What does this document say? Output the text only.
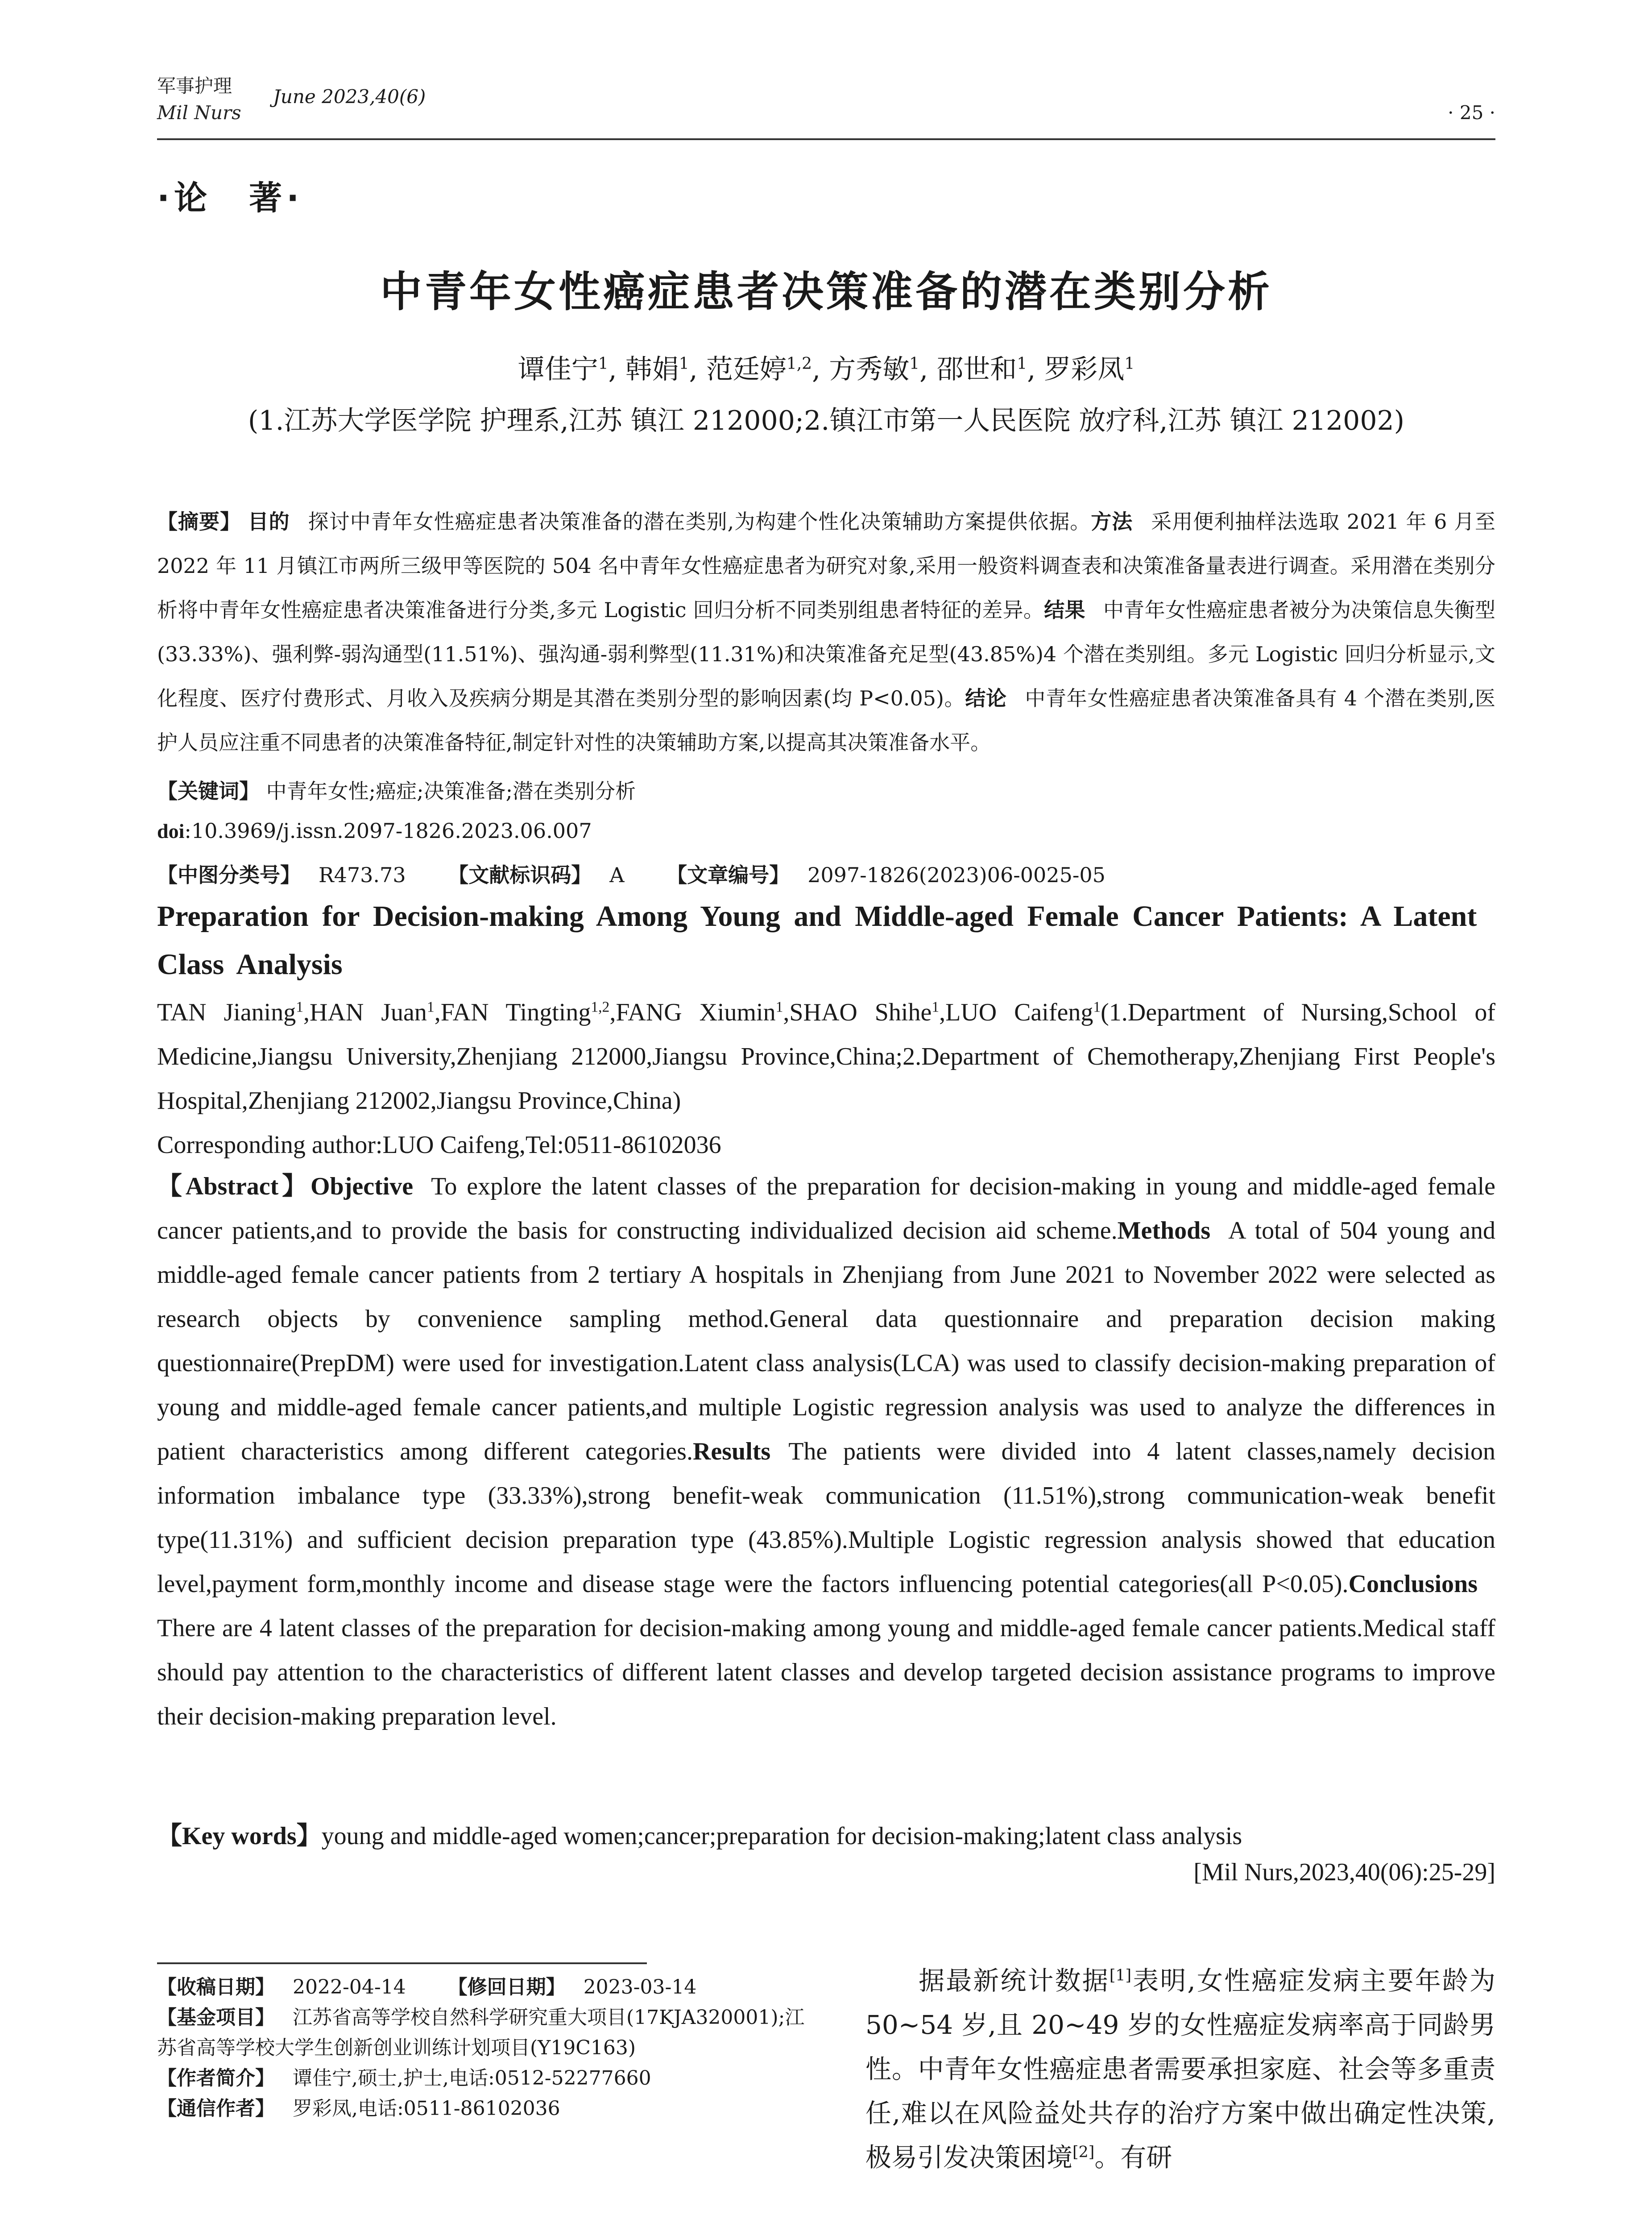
军事护理
Mil Nurs
June 2023,40(6)
· 25 ·
·论　著·
中青年女性癌症患者决策准备的潜在类别分析
谭佳宁$^1$, 韩娟$^1$, 范廷婷$^{1,2}$, 方秀敏$^1$, 邵世和$^1$, 罗彩凤$^1$
(1.江苏大学医学院 护理系,江苏 镇江 212000;2.镇江市第一人民医院 放疗科,江苏 镇江 212002)
【摘要】 目的 探讨中青年女性癌症患者决策准备的潜在类别,为构建个性化决策辅助方案提供依据。方法 采用便利抽样法选取 2021 年 6 月至 2022 年 11 月镇江市两所三级甲等医院的 504 名中青年女性癌症患者为研究对象,采用一般资料调查表和决策准备量表进行调查。采用潜在类别分析将中青年女性癌症患者决策准备进行分类,多元 Logistic 回归分析不同类别组患者特征的差异。结果 中青年女性癌症患者被分为决策信息失衡型(33.33%)、强利弊-弱沟通型(11.51%)、强沟通-弱利弊型(11.31%)和决策准备充足型(43.85%)4 个潜在类别组。多元 Logistic 回归分析显示,文化程度、医疗付费形式、月收入及疾病分期是其潜在类别分型的影响因素(均 P<0.05)。结论 中青年女性癌症患者决策准备具有 4 个潜在类别,医护人员应注重不同患者的决策准备特征,制定针对性的决策辅助方案,以提高其决策准备水平。
【关键词】 中青年女性;癌症;决策准备;潜在类别分析
doi:10.3969/j.issn.2097-1826.2023.06.007
【中图分类号】 R473.73 【文献标识码】 A 【文章编号】 2097-1826(2023)06-0025-05
Preparation for Decision-making Among Young and Middle-aged Female Cancer Patients: A Latent Class Analysis
TAN Jianing$^1$,HAN Juan$^1$,FAN Tingting$^{1,2}$,FANG Xiumin$^1$,SHAO Shihe$^1$,LUO Caifeng$^1$(1.Department of Nursing,School of Medicine,Jiangsu University,Zhenjiang 212000,Jiangsu Province,China;2.Department of Chemotherapy,Zhenjiang First People's Hospital,Zhenjiang 212002,Jiangsu Province,China)
Corresponding author:LUO Caifeng,Tel:0511-86102036
【Abstract】Objective To explore the latent classes of the preparation for decision-making in young and middle-aged female cancer patients,and to provide the basis for constructing individualized decision aid scheme.Methods A total of 504 young and middle-aged female cancer patients from 2 tertiary A hospitals in Zhenjiang from June 2021 to November 2022 were selected as research objects by convenience sampling method.General data questionnaire and preparation decision making questionnaire(PrepDM) were used for investigation.Latent class analysis(LCA) was used to classify decision-making preparation of young and middle-aged female cancer patients,and multiple Logistic regression analysis was used to analyze the differences in patient characteristics among different categories.Results The patients were divided into 4 latent classes,namely decision information imbalance type (33.33%),strong benefit-weak communication (11.51%),strong communication-weak benefit type(11.31%) and sufficient decision preparation type (43.85%).Multiple Logistic regression analysis showed that education level,payment form,monthly income and disease stage were the factors influencing potential categories(all P<0.05).ConclusionsThere are 4 latent classes of the preparation for decision-making among young and middle-aged female cancer patients.Medical staff should pay attention to the characteristics of different latent classes and develop targeted decision assistance programs to improve their decision-making preparation level.
【Key words】young and middle-aged women;cancer;preparation for decision-making;latent class analysis
[Mil Nurs,2023,40(06):25-29]
【收稿日期】 2022-04-14 【修回日期】 2023-03-14
【基金项目】 江苏省高等学校自然科学研究重大项目(17KJA320001);江苏省高等学校大学生创新创业训练计划项目(Y19C163)
【作者简介】 谭佳宁,硕士,护士,电话:0512-52277660
【通信作者】 罗彩凤,电话:0511-86102036
据最新统计数据[1]表明,女性癌症发病主要年龄为 50~54 岁,且 20~49 岁的女性癌症发病率高于同龄男性。中青年女性癌症患者需要承担家庭、社会等多重责任,难以在风险益处共存的治疗方案中做出确定性决策,极易引发决策困境[2]。有研
